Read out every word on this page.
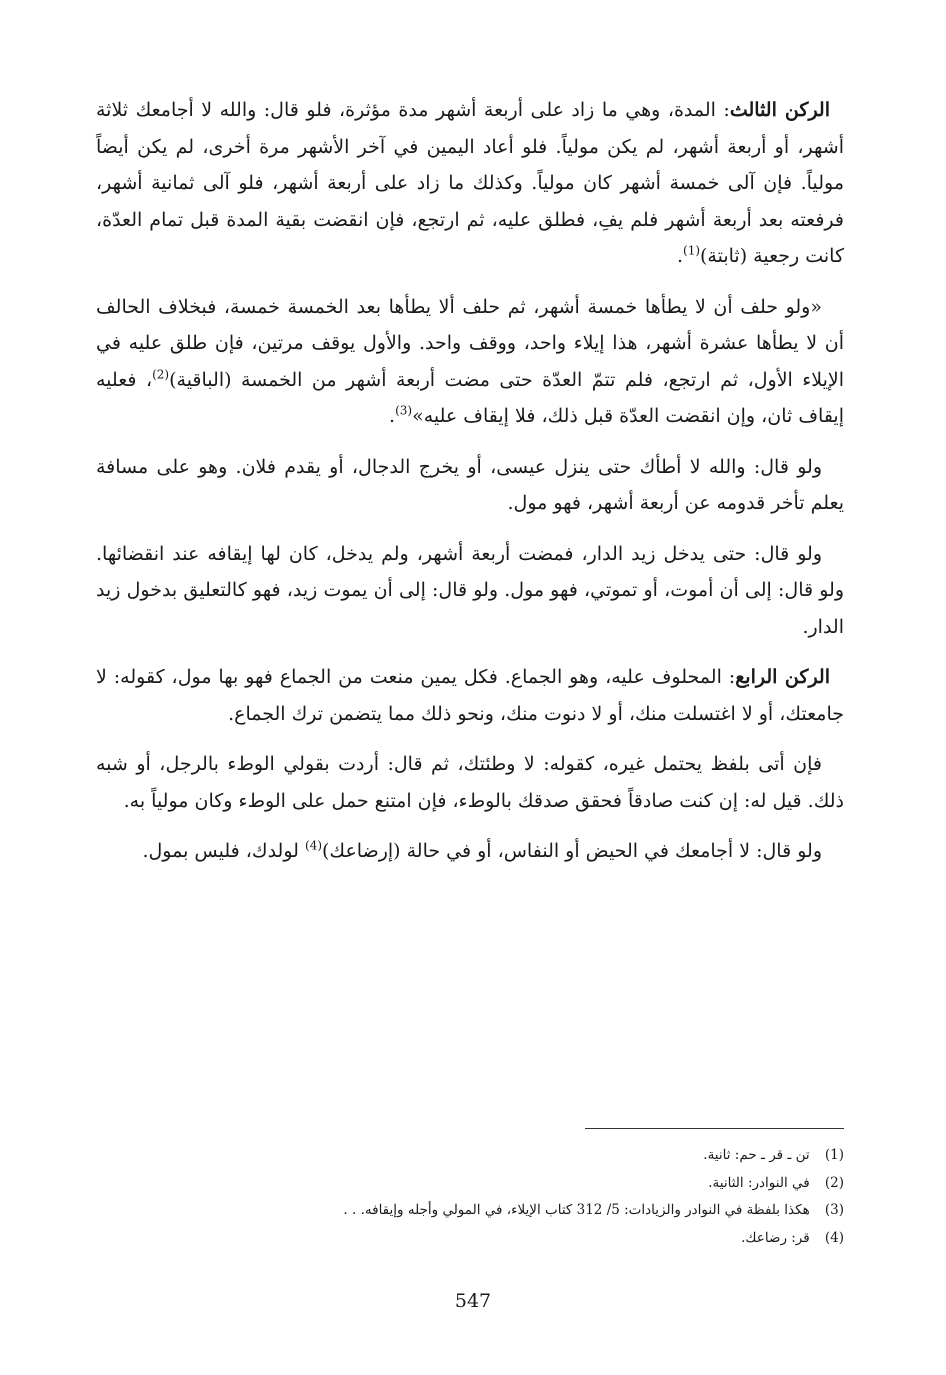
الركن الثالث: المدة، وهي ما زاد على أربعة أشهر مدة مؤثرة، فلو قال: والله لا أجامعك ثلاثة أشهر، أو أربعة أشهر، لم يكن مولياً. فلو أعاد اليمين في آخر الأشهر مرة أخرى، لم يكن أيضاً مولياً. فإن آلى خمسة أشهر كان مولياً. وكذلك ما زاد على أربعة أشهر، فلو آلى ثمانية أشهر، فرفعته بعد أربعة أشهر فلم يفِ، فطلق عليه، ثم ارتجع، فإن انقضت بقية المدة قبل تمام العدّة، كانت رجعية (ثابتة)$^{(1)}$.

«ولو حلف أن لا يطأها خمسة أشهر، ثم حلف ألا يطأها بعد الخمسة خمسة، فبخلاف الحالف أن لا يطأها عشرة أشهر، هذا إيلاء واحد، ووقف واحد. والأول يوقف مرتين، فإن طلق عليه في الإيلاء الأول، ثم ارتجع، فلم تتمّ العدّة حتى مضت أربعة أشهر من الخمسة (الباقية)$^{(2)}$، فعليه إيقاف ثان، وإن انقضت العدّة قبل ذلك، فلا إيقاف عليه»$^{(3)}$.

ولو قال: والله لا أطأك حتى ينزل عيسى، أو يخرج الدجال، أو يقدم فلان. وهو على مسافة يعلم تأخر قدومه عن أربعة أشهر، فهو مول.

ولو قال: حتى يدخل زيد الدار، فمضت أربعة أشهر، ولم يدخل، كان لها إيقافه عند انقضائها. ولو قال: إلى أن أموت، أو تموتي، فهو مول. ولو قال: إلى أن يموت زيد، فهو كالتعليق بدخول زيد الدار.

الركن الرابع: المحلوف عليه، وهو الجماع. فكل يمين منعت من الجماع فهو بها مول، كقوله: لا جامعتك، أو لا اغتسلت منك، أو لا دنوت منك، ونحو ذلك مما يتضمن ترك الجماع.

فإن أتى بلفظ يحتمل غيره، كقوله: لا وطئتك، ثم قال: أردت بقولي الوطء بالرجل، أو شبه ذلك. قيل له: إن كنت صادقاً فحقق صدقك بالوطء، فإن امتنع حمل على الوطء وكان مولياً به.

ولو قال: لا أجامعك في الحيض أو النفاس، أو في حالة (إرضاعك)$^{(4)}$ لولدك، فليس بمول.

(1) تن ـ قر ـ حم: ثانية.
(2) في النوادر: الثانية.
(3) هكذا بلفظة في النوادر والزيادات: 5/ 312 كتاب الإيلاء، في المولي وأجله وإيقافه. . .
(4) قر: رضاعك.
547
